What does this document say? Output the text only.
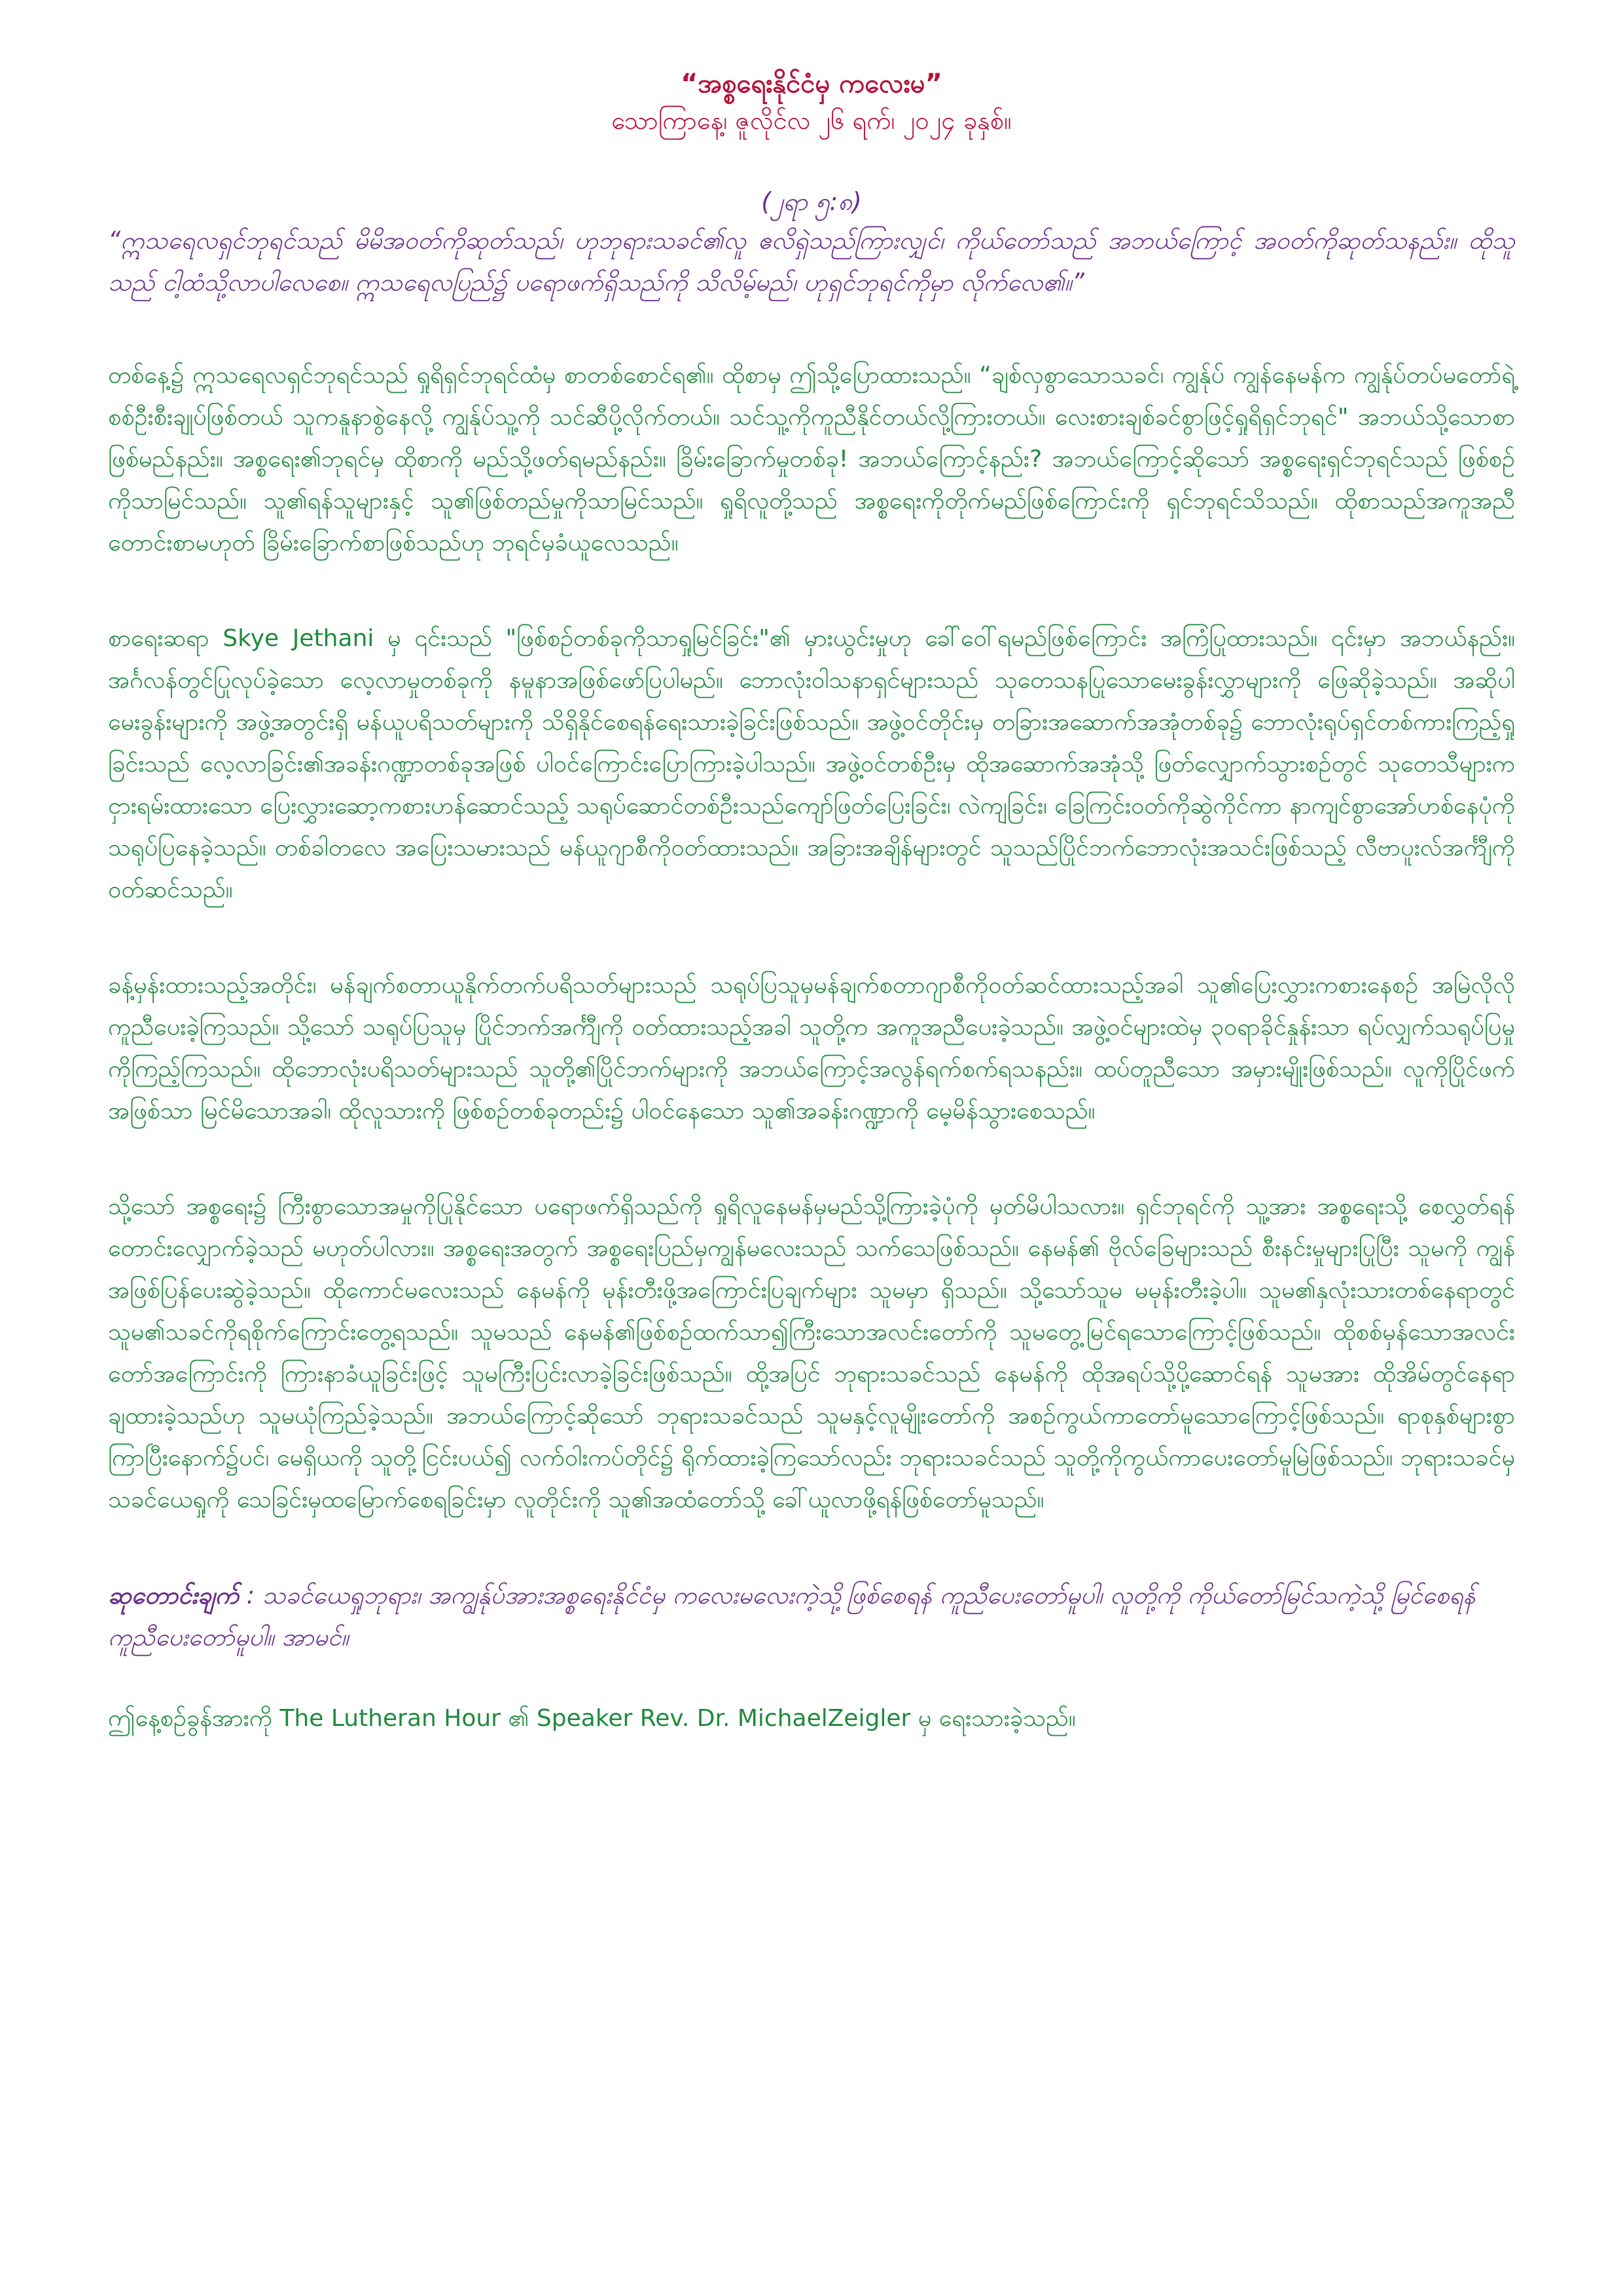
“အစ္စရေးနိုင်ငံမှ ကလေးမ”

သောကြာနေ့၊ ဇူလိုင်လ ၂၆ ရက်၊ ၂၀၂၄ ခုနှစ်။

(၂ရာ ၅:၈)

“ဣသရေလရှင်ဘုရင်သည် မိမိအဝတ်ကိုဆုတ်သည်၊ ဟုဘုရားသခင်၏လူ ဧလိရှဲသည်ကြားလျှင်၊ ကိုယ်တော်သည် အဘယ်ကြောင့် အဝတ်ကိုဆုတ်သနည်း။ ထိုသူသည် ငါ့ထံသို့လာပါလေစေ။ ဣသရေလပြည်၌ ပရောဖက်ရှိသည်ကို သိလိမ့်မည်၊ ဟုရှင်ဘုရင်ကိုမှာ လိုက်လေ၏။”

တစ်နေ့၌ ဣသရေလရှင်ဘုရင်သည် ရှုရိရှင်ဘုရင်ထံမှ စာတစ်စောင်ရ၏။ ထိုစာမှ ဤသို့ပြောထားသည်။ “ချစ်လှစွာသောသခင်၊ ကျွန်ုပ် ကျွန်နေမန်က ကျွန်ုပ်တပ်မတော်ရဲ့ စစ်ဦးစီးချုပ်ဖြစ်တယ် သူကနူနာစွဲနေလို့ ကျွန်ုပ်သူ့ကို သင်ဆီပို့လိုက်တယ်။ သင်သူ့ကိုကူညီနိုင်တယ်လို့ကြားတယ်။ လေးစားချစ်ခင်စွာဖြင့်ရှုရိရှင်ဘုရင်" အဘယ်သို့သောစာဖြစ်မည်နည်း။ အစ္စရေး၏ဘုရင်မှ ထိုစာကို မည်သို့ဖတ်ရမည်နည်း။ ခြိမ်းခြောက်မှုတစ်ခု! အဘယ်ကြောင့်နည်း? အဘယ်ကြောင့်ဆိုသော် အစ္စရေးရှင်ဘုရင်သည် ဖြစ်စဉ်ကိုသာမြင်သည်။ သူ၏ရန်သူများနှင့် သူ၏ဖြစ်တည်မှုကိုသာမြင်သည်။ ရှုရိလူတို့သည် အစ္စရေးကိုတိုက်မည်ဖြစ်ကြောင်းကို ရှင်ဘုရင်သိသည်။ ထိုစာသည်အကူအညီတောင်းစာမဟုတ် ခြိမ်းခြောက်စာဖြစ်သည်ဟု ဘုရင်မှခံယူလေသည်။

စာရေးဆရာ Skye Jethani မှ ၎င်းသည် "ဖြစ်စဉ်တစ်ခုကိုသာရှုမြင်ခြင်း"၏ မှားယွင်းမှုဟု ခေါ်ဝေါ်ရမည်ဖြစ်ကြောင်း အကြံပြုထားသည်။ ၎င်းမှာ အဘယ်နည်း။ အင်္ဂလန်တွင်ပြုလုပ်ခဲ့သော လေ့လာမှုတစ်ခုကို နမူနာအဖြစ်ဖော်ပြပါမည်။ ဘောလုံးဝါသနာရှင်များသည် သုတေသနပြုသောမေးခွန်းလွှာများကို ဖြေဆိုခဲ့သည်။ အဆိုပါမေးခွန်းများကို အဖွဲ့အတွင်းရှိ မန်ယူပရိသတ်များကို သိရှိနိုင်စေရန်ရေးသားခဲ့ခြင်းဖြစ်သည်။ အဖွဲ့ဝင်တိုင်းမှ တခြားအဆောက်အအုံတစ်ခု၌ ဘောလုံးရုပ်ရှင်တစ်ကားကြည့်ရှုခြင်းသည် လေ့လာခြင်း၏အခန်းဂဏ္ဍာတစ်ခုအဖြစ် ပါဝင်ကြောင်းပြောကြားခဲ့ပါသည်။ အဖွဲ့ဝင်တစ်ဦးမှ ထိုအဆောက်အအုံသို့ ဖြတ်လျှောက်သွားစဉ်တွင် သုတေသီများက ငှားရမ်းထားသော ပြေးလွှားဆော့ကစားဟန်ဆောင်သည့် သရုပ်ဆောင်တစ်ဦးသည်ကျော်ဖြတ်ပြေးခြင်း၊ လဲကျခြင်း၊ ခြေကြင်းဝတ်ကိုဆွဲကိုင်ကာ နာကျင်စွာအော်ဟစ်နေပုံကို သရုပ်ပြနေခဲ့သည်။ တစ်ခါတလေ အပြေးသမားသည် မန်ယူဂျာစီကိုဝတ်ထားသည်။ အခြားအချိန်များတွင် သူသည်ပြိုင်ဘက်ဘောလုံးအသင်းဖြစ်သည့် လီဗာပူးလ်အင်္ကျီကို ဝတ်ဆင်သည်။

ခန့်မှန်းထားသည့်အတိုင်း၊ မန်ချက်စတာယူနိုက်တက်ပရိသတ်များသည် သရုပ်ပြသူမှမန်ချက်စတာဂျာစီကိုဝတ်ဆင်ထားသည့်အခါ သူ၏ပြေးလွှားကစားနေစဉ် အမြဲလိုလိုကူညီပေးခဲ့ကြသည်။ သို့သော် သရုပ်ပြသူမှ ပြိုင်ဘက်အင်္ကျီကို ဝတ်ထားသည့်အခါ သူတို့က အကူအညီပေးခဲ့သည်။ အဖွဲ့ဝင်များထဲမှ ၃၀ရာခိုင်နှုန်းသာ ရပ်လျှက်သရုပ်ပြမှုကိုကြည့်ကြသည်။ ထိုဘောလုံးပရိသတ်များသည် သူတို့၏ပြိုင်ဘက်များကို အဘယ်ကြောင့်အလွန်ရက်စက်ရသနည်း။ ထပ်တူညီသော အမှားမျိုးဖြစ်သည်။ လူကိုပြိုင်ဖက်အဖြစ်သာ မြင်မိသောအခါ၊ ထိုလူသားကို ဖြစ်စဉ်တစ်ခုတည်း၌ ပါဝင်နေသော သူ၏အခန်းဂဏ္ဍာကို မေ့မိန်သွားစေသည်။

သို့သော် အစ္စရေး၌ ကြီးစွာသောအမှုကိုပြုနိုင်သော ပရောဖက်ရှိသည်ကို ရှုရိလူနေမန်မှမည်သို့ကြားခဲ့ပုံကို မှတ်မိပါသလား။ ရှင်ဘုရင်ကို သူ့အား အစ္စရေးသို့ စေလွှတ်ရန်တောင်းလျှောက်ခဲ့သည် မဟုတ်ပါလား။ အစ္စရေးအတွက် အစ္စရေးပြည်မှကျွန်မလေးသည် သက်သေဖြစ်သည်။ နေမန်၏ ဗိုလ်ခြေများသည် စီးနင်းမှုများပြုပြီး သူမကို ကျွန်အဖြစ်ပြန်ပေးဆွဲခဲ့သည်။ ထိုကောင်မလေးသည် နေမန်ကို မုန်းတီးဖို့အကြောင်းပြချက်များ သူမမှာ ရှိသည်။ သို့သော်သူမ မမုန်းတီးခဲ့ပါ။ သူမ၏နှလုံးသားတစ်နေရာတွင် သူမ၏သခင်ကိုရစိုက်ကြောင်းတွေ့ရသည်။ သူမသည် နေမန်၏ဖြစ်စဉ်ထက်သာ၍ကြီးသောအလင်းတော်ကို သူမတွေ့မြင်ရသောကြောင့်ဖြစ်သည်။ ထိုစစ်မှန်သောအလင်းတော်အကြောင်းကို ကြားနာခံယူခြင်းဖြင့် သူမကြီးပြင်းလာခဲ့ခြင်းဖြစ်သည်။ ထို့အပြင် ဘုရားသခင်သည် နေမန်ကို ထိုအရပ်သို့ပို့ဆောင်ရန် သူမအား ထိုအိမ်တွင်နေရာချထားခဲ့သည်ဟု သူမယုံကြည်ခဲ့သည်။ အဘယ်ကြောင့်ဆိုသော် ဘုရားသခင်သည် သူမနှင့်လူမျိုးတော်ကို အစဉ်ကွယ်ကာတော်မူသောကြောင့်ဖြစ်သည်။ ရာစုနှစ်များစွာကြာပြီးနောက်၌ပင်၊ မေရှိယကို သူတို့ငြင်းပယ်၍ လက်ဝါးကပ်တိုင်၌ ရိုက်ထားခဲ့ကြသော်လည်း ဘုရားသခင်သည် သူတို့ကိုကွယ်ကာပေးတော်မူမြဲဖြစ်သည်။ ဘုရားသခင်မှ သခင်ယေရှုကို သေခြင်းမှထမြောက်စေရခြင်းမှာ လူတိုင်းကို သူ၏အထံတော်သို့ ခေါ်ယူလာဖို့ရန်ဖြစ်တော်မူသည်။

ဆုတောင်းချက် : သခင်ယေရှုဘုရား၊ အကျွန်ုပ်အားအစ္စရေးနိုင်ငံမှ ကလေးမလေးကဲ့သို့ဖြစ်စေရန် ကူညီပေးတော်မူပါ၊ လူတို့ကို ကိုယ်တော်မြင်သကဲ့သို့ မြင်စေရန်ကူညီပေးတော်မူပါ။ အာမင်။

ဤနေ့စဉ်ခွန်အားကို The Lutheran Hour ၏ Speaker Rev. Dr. MichaelZeigler မှ ရေးသားခဲ့သည်။
